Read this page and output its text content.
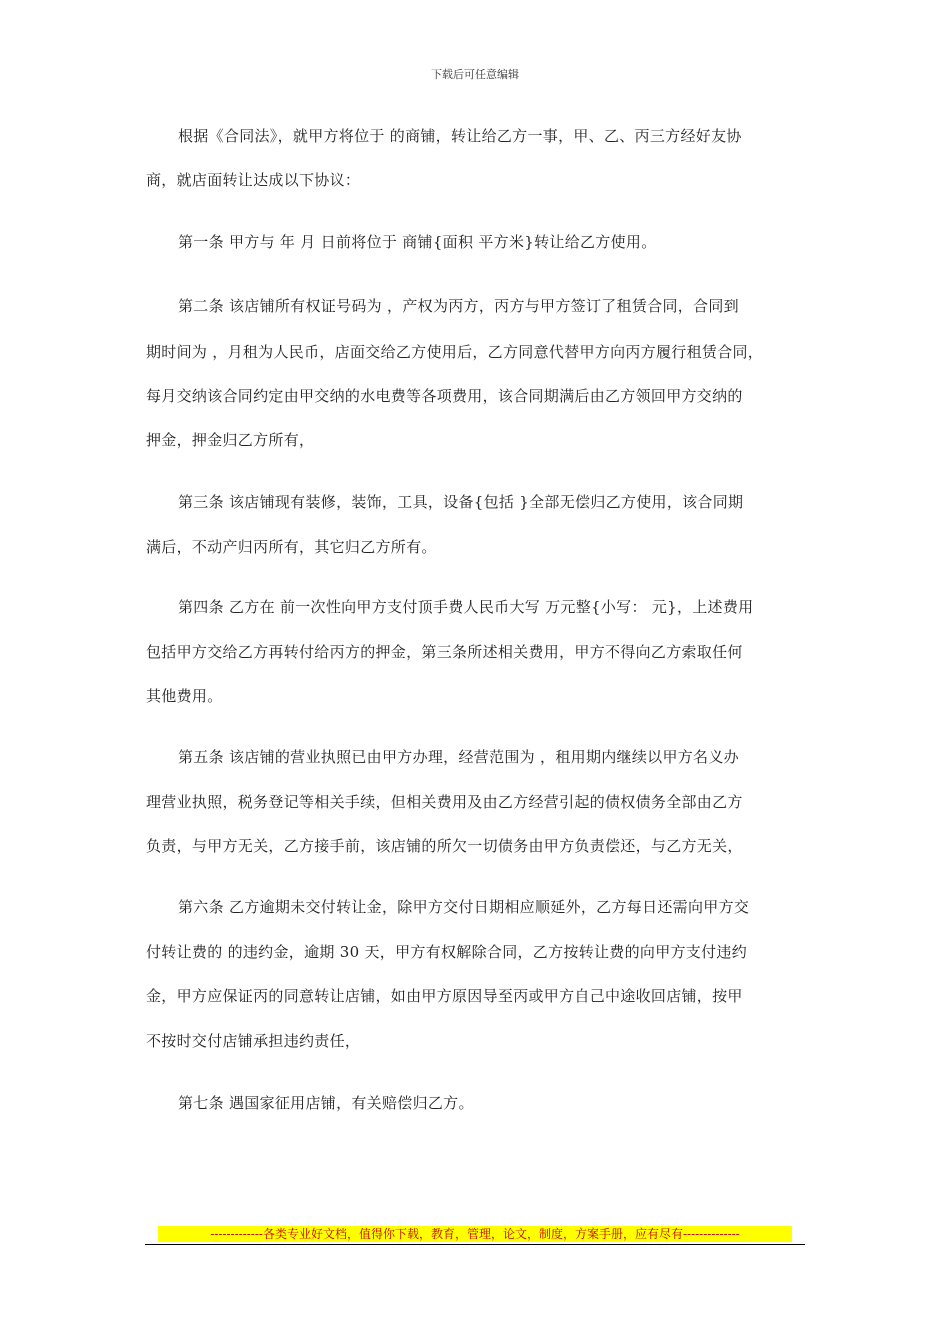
下载后可任意编辑
根据《合同法》，就甲方将位于 的商铺，转让给乙方一事，甲、乙、丙三方经好友协
商，就店面转让达成以下协议：
第一条 甲方与 年 月 日前将位于 商铺{面积 平方米}转让给乙方使用。
第二条 该店铺所有权证号码为 ，产权为丙方，丙方与甲方签订了租赁合同，合同到
期时间为 ，月租为人民币，店面交给乙方使用后，乙方同意代替甲方向丙方履行租赁合同，
每月交纳该合同约定由甲交纳的水电费等各项费用，该合同期满后由乙方领回甲方交纳的
押金，押金归乙方所有，
第三条 该店铺现有装修，装饰，工具，设备{包括 }全部无偿归乙方使用，该合同期
满后，不动产归丙所有，其它归乙方所有。
第四条 乙方在 前一次性向甲方支付顶手费人民币大写 万元整{小写： 元}，上述费用
包括甲方交给乙方再转付给丙方的押金，第三条所述相关费用，甲方不得向乙方索取任何
其他费用。
第五条 该店铺的营业执照已由甲方办理，经营范围为 ，租用期内继续以甲方名义办
理营业执照，税务登记等相关手续，但相关费用及由乙方经营引起的债权债务全部由乙方
负责，与甲方无关，乙方接手前，该店铺的所欠一切债务由甲方负责偿还，与乙方无关，
第六条 乙方逾期未交付转让金，除甲方交付日期相应顺延外，乙方每日还需向甲方交
付转让费的 的违约金，逾期 30 天，甲方有权解除合同，乙方按转让费的向甲方支付违约
金，甲方应保证丙的同意转让店铺，如由甲方原因导至丙或甲方自己中途收回店铺，按甲
不按时交付店铺承担违约责任，
第七条 遇国家征用店铺，有关赔偿归乙方。
-------------各类专业好文档，值得你下载，教育，管理，论文，制度，方案手册，应有尽有--------------
